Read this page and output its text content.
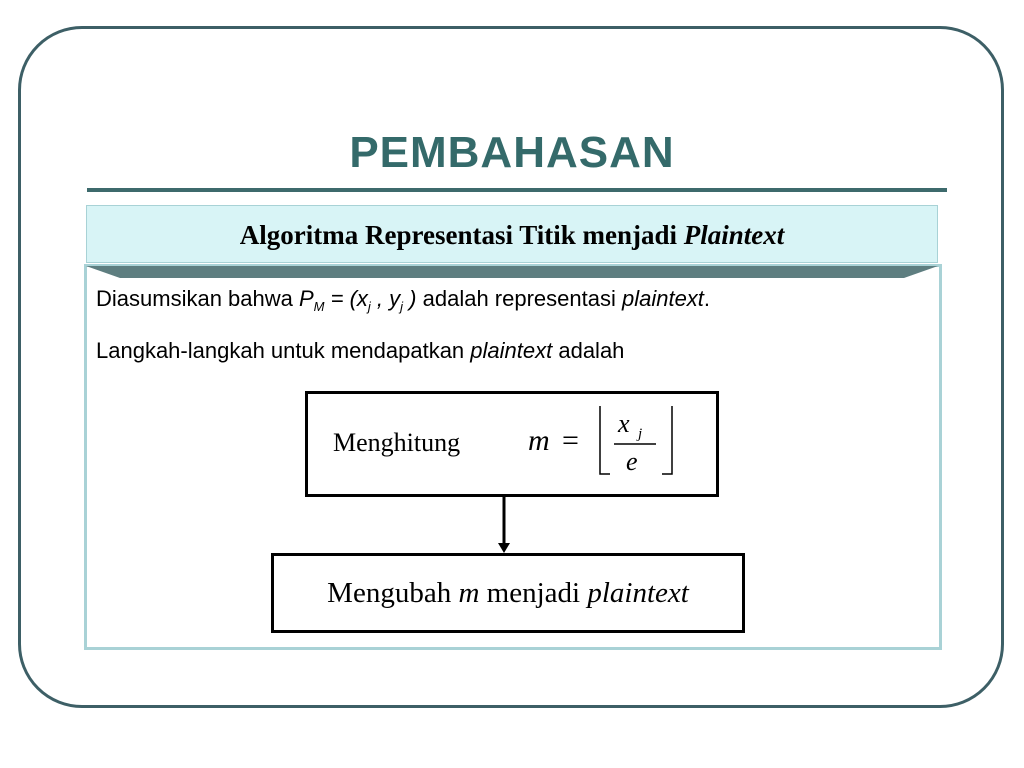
PEMBAHASAN
Algoritma Representasi Titik menjadi Plaintext
Diasumsikan bahwa $P_M = (x_j$ , $y_j$ ) adalah representasi plaintext.
Langkah-langkah untuk mendapatkan plaintext adalah
Menghitung m =
x j
e
Mengubah m menjadi plaintext
